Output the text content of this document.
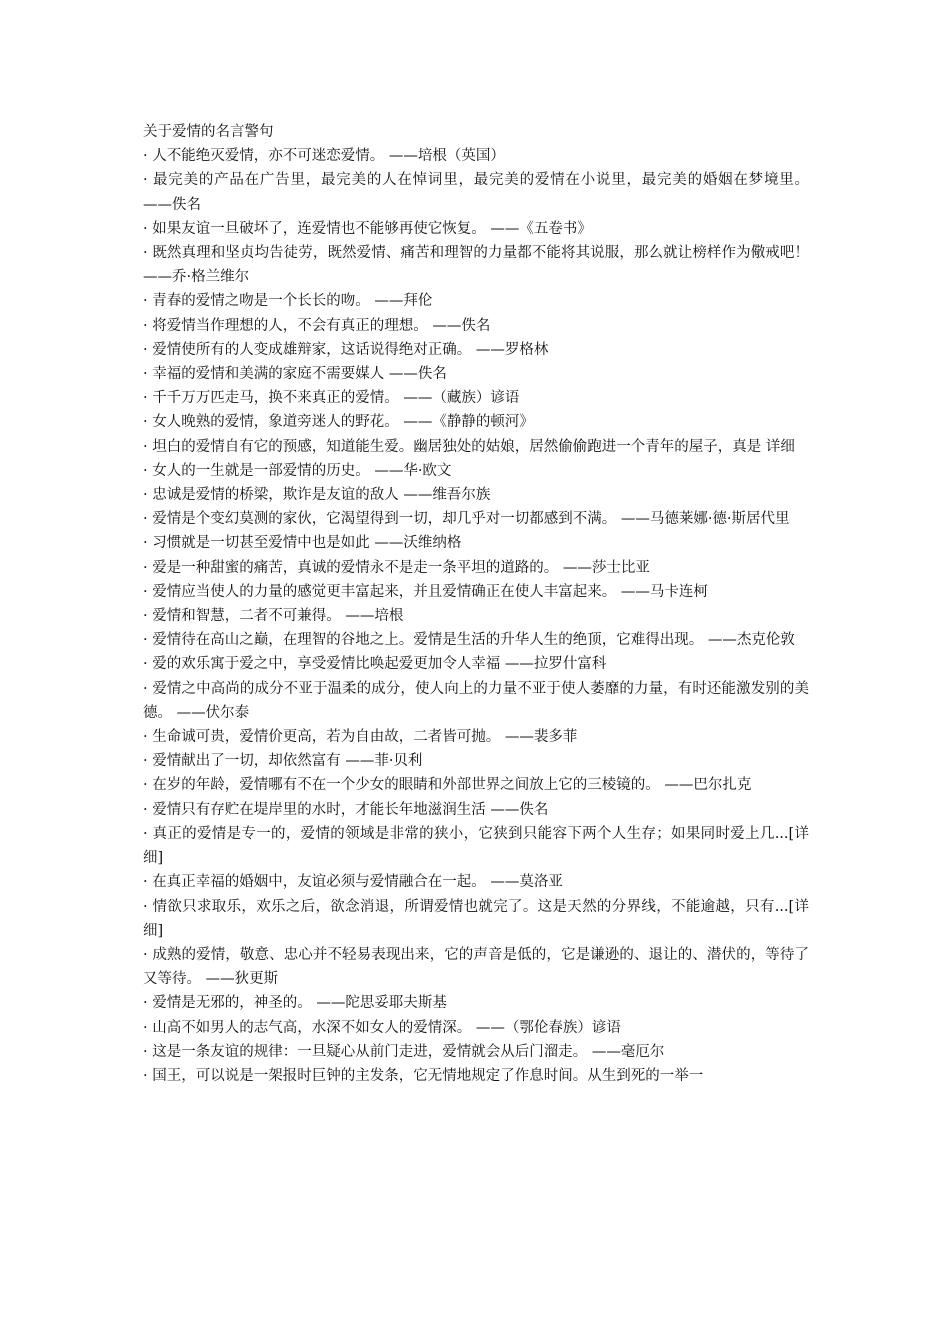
关于爱情的名言警句

· 人不能绝灭爱情，亦不可迷恋爱情。 ——培根（英国）

· 最完美的产品在广告里，最完美的人在悼词里，最完美的爱情在小说里，最完美的婚姻在梦境里。 ——佚名

· 如果友谊一旦破坏了，连爱情也不能够再使它恢复。 ——《五卷书》

· 既然真理和坚贞均告徒劳，既然爱情、痛苦和理智的力量都不能将其说服，那么就让榜样作为儆戒吧！ ——乔·格兰维尔

· 青春的爱情之吻是一个长长的吻。 ——拜伦

· 将爱情当作理想的人，不会有真正的理想。 ——佚名

· 爱情使所有的人变成雄辩家，这话说得绝对正确。 ——罗格林

· 幸福的爱情和美满的家庭不需要媒人 ——佚名

· 千千万万匹走马，换不来真正的爱情。 ——（藏族）谚语

· 女人晚熟的爱情，象道旁迷人的野花。 ——《静静的顿河》

· 坦白的爱情自有它的预感，知道能生爱。幽居独处的姑娘，居然偷偷跑进一个青年的屋子，真是 详细

· 女人的一生就是一部爱情的历史。 ——华·欧文

· 忠诚是爱情的桥梁，欺诈是友谊的敌人 ——维吾尔族

· 爱情是个变幻莫测的家伙，它渴望得到一切，却几乎对一切都感到不满。 ——马德莱娜·德·斯居代里

· 习惯就是一切甚至爱情中也是如此 ——沃维纳格

· 爱是一种甜蜜的痛苦，真诚的爱情永不是走一条平坦的道路的。 ——莎士比亚

· 爱情应当使人的力量的感觉更丰富起来，并且爱情确正在使人丰富起来。 ——马卡连柯

· 爱情和智慧，二者不可兼得。 ——培根

· 爱情待在高山之巅，在理智的谷地之上。爱情是生活的升华人生的绝顶，它难得出现。 ——杰克伦敦

· 爱的欢乐寓于爱之中，享受爱情比唤起爱更加令人幸福 ——拉罗什富科

· 爱情之中高尚的成分不亚于温柔的成分，使人向上的力量不亚于使人萎靡的力量，有时还能激发别的美德。 ——伏尔泰

· 生命诚可贵，爱情价更高，若为自由故，二者皆可抛。 ——裴多菲

· 爱情献出了一切，却依然富有 ——菲·贝利

· 在岁的年龄，爱情哪有不在一个少女的眼睛和外部世界之间放上它的三棱镜的。 ——巴尔扎克

· 爱情只有存贮在堤岸里的水时，才能长年地滋润生活 ——佚名

· 真正的爱情是专一的，爱情的领域是非常的狭小，它狭到只能容下两个人生存；如果同时爱上几...[详细]

· 在真正幸福的婚姻中，友谊必须与爱情融合在一起。 ——莫洛亚

· 情欲只求取乐，欢乐之后，欲念消退，所谓爱情也就完了。这是天然的分界线，不能逾越，只有...[详细]

· 成熟的爱情，敬意、忠心并不轻易表现出来，它的声音是低的，它是谦逊的、退让的、潜伏的，等待了又等待。 ——狄更斯

· 爱情是无邪的，神圣的。 ——陀思妥耶夫斯基

· 山高不如男人的志气高，水深不如女人的爱情深。 ——（鄂伦春族）谚语

· 这是一条友谊的规律：一旦疑心从前门走进，爱情就会从后门溜走。 ——毫厄尔

· 国王，可以说是一架报时巨钟的主发条，它无情地规定了作息时间。从生到死的一举一
